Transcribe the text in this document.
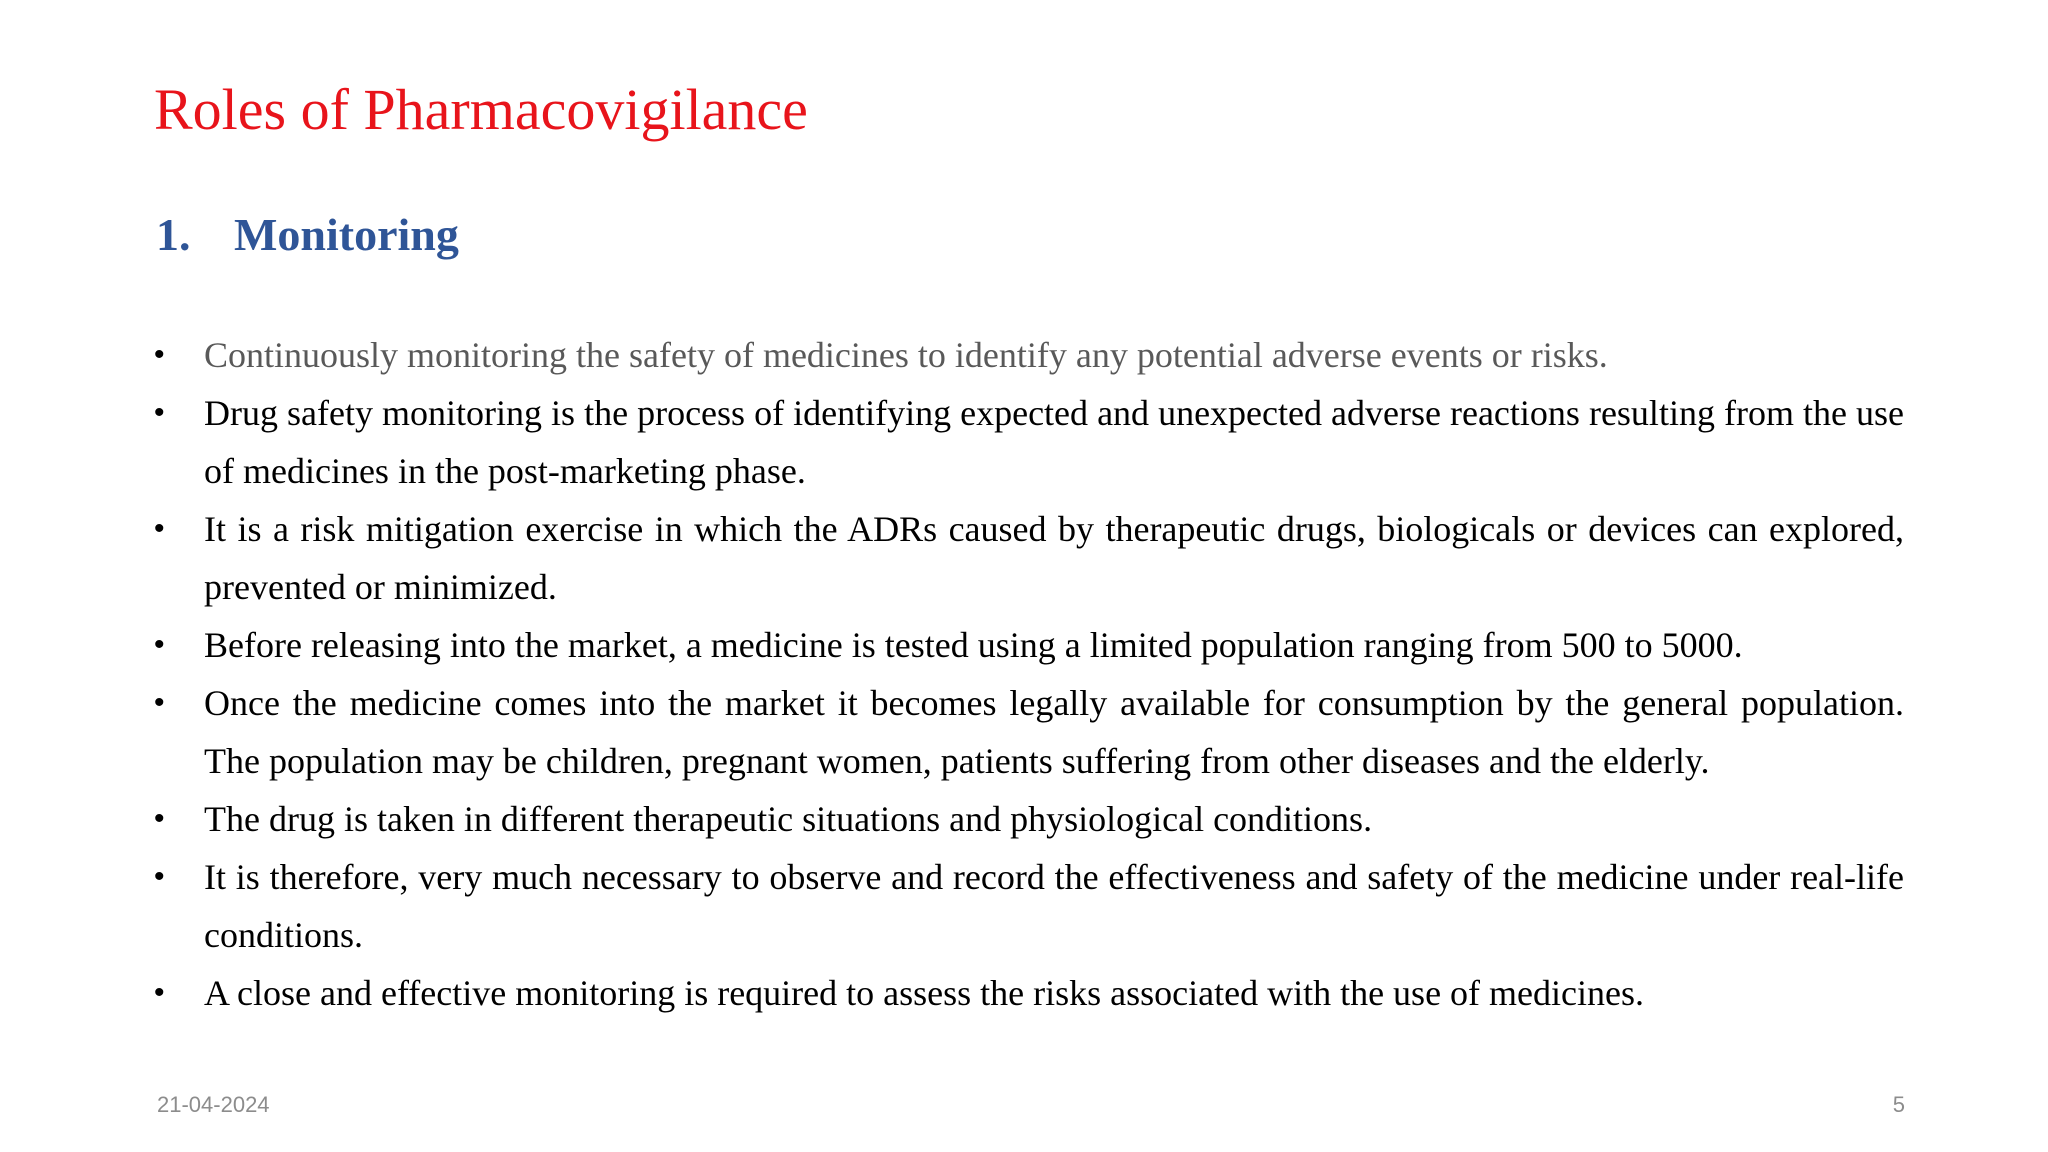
Roles of Pharmacovigilance
1. Monitoring
• Continuously monitoring the safety of medicines to identify any potential adverse events or risks.
• Drug safety monitoring is the process of identifying expected and unexpected adverse reactions resulting from the use of medicines in the post-marketing phase.
• It is a risk mitigation exercise in which the ADRs caused by therapeutic drugs, biologicals or devices can explored, prevented or minimized.
• Before releasing into the market, a medicine is tested using a limited population ranging from 500 to 5000.
• Once the medicine comes into the market it becomes legally available for consumption by the general population. The population may be children, pregnant women, patients suffering from other diseases and the elderly.
• The drug is taken in different therapeutic situations and physiological conditions.
• It is therefore, very much necessary to observe and record the effectiveness and safety of the medicine under real-life conditions.
• A close and effective monitoring is required to assess the risks associated with the use of medicines.
21-04-2024	5
